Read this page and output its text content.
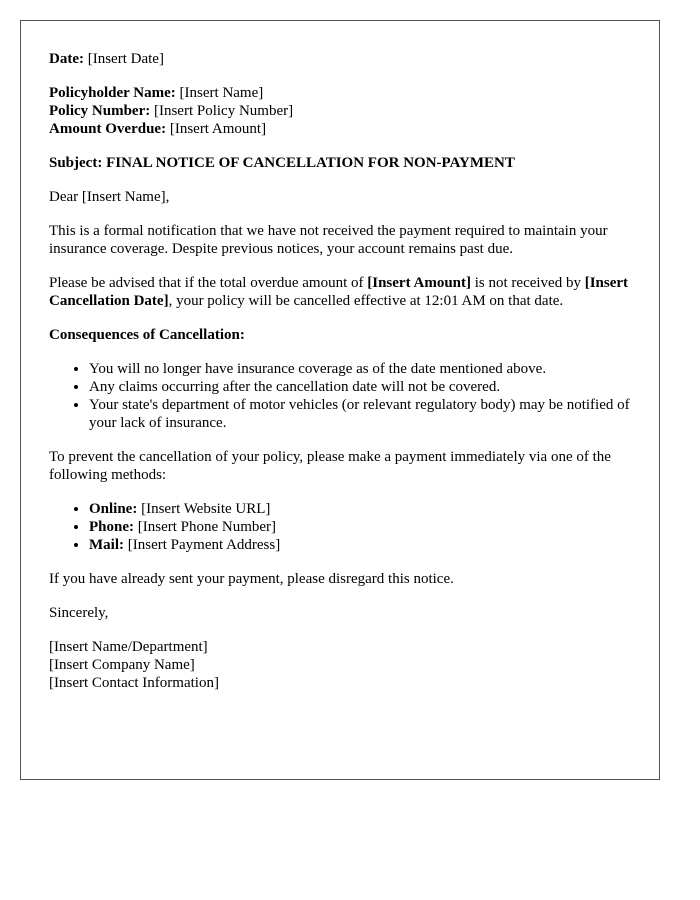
Date: [Insert Date]

Policyholder Name: [Insert Name]
Policy Number: [Insert Policy Number]
Amount Overdue: [Insert Amount]

Subject: FINAL NOTICE OF CANCELLATION FOR NON-PAYMENT

Dear [Insert Name],

This is a formal notification that we have not received the payment required to maintain your insurance coverage. Despite previous notices, your account remains past due.

Please be advised that if the total overdue amount of [Insert Amount] is not received by [Insert Cancellation Date], your policy will be cancelled effective at 12:01 AM on that date.

Consequences of Cancellation:

• You will no longer have insurance coverage as of the date mentioned above.
• Any claims occurring after the cancellation date will not be covered.
• Your state's department of motor vehicles (or relevant regulatory body) may be notified of your lack of insurance.

To prevent the cancellation of your policy, please make a payment immediately via one of the following methods:

• Online: [Insert Website URL]
• Phone: [Insert Phone Number]
• Mail: [Insert Payment Address]

If you have already sent your payment, please disregard this notice.

Sincerely,

[Insert Name/Department]
[Insert Company Name]
[Insert Contact Information]
